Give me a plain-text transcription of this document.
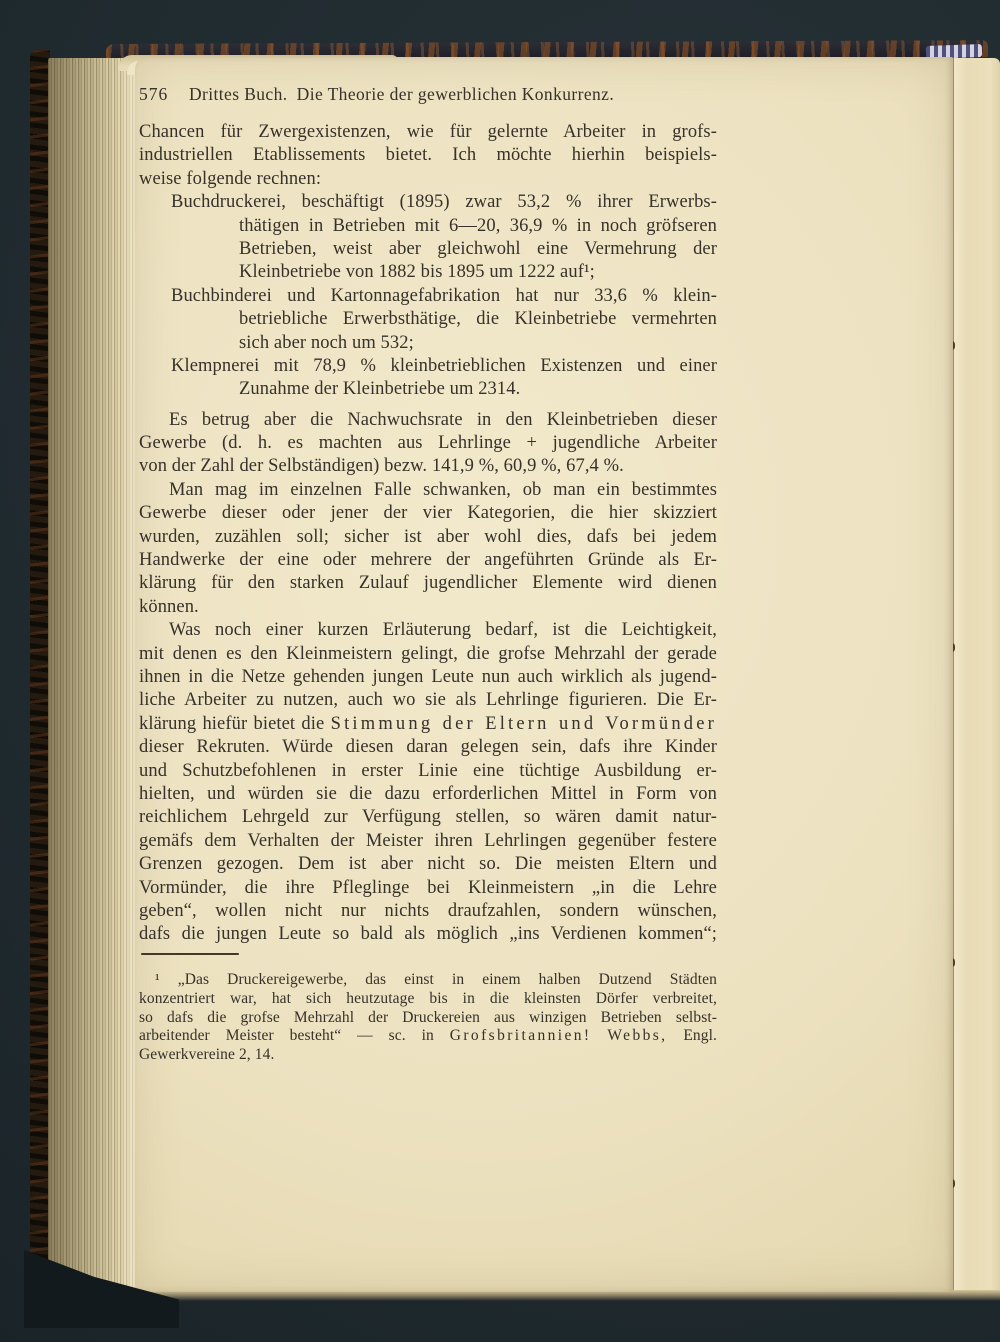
576 Drittes Buch. Die Theorie der gewerblichen Konkurrenz.
Chancen für Zwergexistenzen, wie für gelernte Arbeiter in grofs-
industriellen Etablissements bietet. Ich möchte hierhin beispiels-
weise folgende rechnen:
Buchdruckerei, beschäftigt (1895) zwar 53,2 % ihrer Erwerbs-
thätigen in Betrieben mit 6—20, 36,9 % in noch gröfseren
Betrieben, weist aber gleichwohl eine Vermehrung der
Kleinbetriebe von 1882 bis 1895 um 1222 auf¹;
Buchbinderei und Kartonnagefabrikation hat nur 33,6 % klein-
betriebliche Erwerbsthätige, die Kleinbetriebe vermehrten
sich aber noch um 532;
Klempnerei mit 78,9 % kleinbetrieblichen Existenzen und einer
Zunahme der Kleinbetriebe um 2314.
Es betrug aber die Nachwuchsrate in den Kleinbetrieben dieser
Gewerbe (d. h. es machten aus Lehrlinge + jugendliche Arbeiter
von der Zahl der Selbständigen) bezw. 141,9 %, 60,9 %, 67,4 %.
Man mag im einzelnen Falle schwanken, ob man ein bestimmtes
Gewerbe dieser oder jener der vier Kategorien, die hier skizziert
wurden, zuzählen soll; sicher ist aber wohl dies, dafs bei jedem
Handwerke der eine oder mehrere der angeführten Gründe als Er-
klärung für den starken Zulauf jugendlicher Elemente wird dienen
können.
Was noch einer kurzen Erläuterung bedarf, ist die Leichtigkeit,
mit denen es den Kleinmeistern gelingt, die grofse Mehrzahl der gerade
ihnen in die Netze gehenden jungen Leute nun auch wirklich als jugend-
liche Arbeiter zu nutzen, auch wo sie als Lehrlinge figurieren. Die Er-
klärung hiefür bietet die Stimmung der Eltern und Vormünder
dieser Rekruten. Würde diesen daran gelegen sein, dafs ihre Kinder
und Schutzbefohlenen in erster Linie eine tüchtige Ausbildung er-
hielten, und würden sie die dazu erforderlichen Mittel in Form von
reichlichem Lehrgeld zur Verfügung stellen, so wären damit natur-
gemäfs dem Verhalten der Meister ihren Lehrlingen gegenüber festere
Grenzen gezogen. Dem ist aber nicht so. Die meisten Eltern und
Vormünder, die ihre Pfleglinge bei Kleinmeistern „in die Lehre
geben“, wollen nicht nur nichts draufzahlen, sondern wünschen,
dafs die jungen Leute so bald als möglich „ins Verdienen kommen“;
¹ „Das Druckereigewerbe, das einst in einem halben Dutzend Städten
konzentriert war, hat sich heutzutage bis in die kleinsten Dörfer verbreitet,
so dafs die grofse Mehrzahl der Druckereien aus winzigen Betrieben selbst-
arbeitender Meister besteht“ — sc. in Grofsbritannien! Webbs, Engl.
Gewerkvereine 2, 14.
